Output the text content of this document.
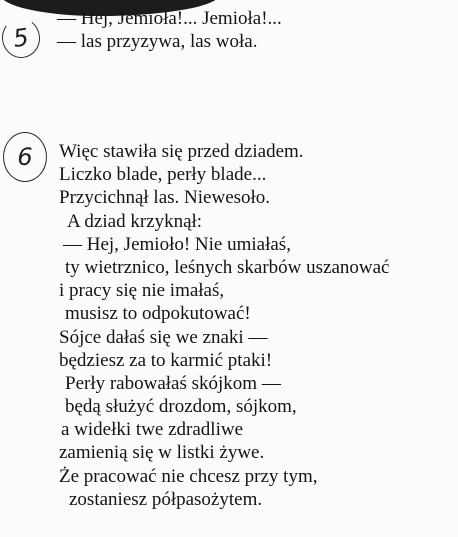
5
— Hej, Jemioła!... Jemioła!...
— las przyzywa, las woła.
6	Więc stawiła się przed dziadem.
Liczko blade, perły blade...
Przycichnął las. Niewesoło.
A dziad krzyknął:
— Hej, Jemioło! Nie umiałaś,
ty wietrznico, leśnych skarbów uszanować
i pracy się nie imałaś,
musisz to odpokutować!
Sójce dałaś się we znaki —
będziesz za to karmić ptaki!
Perły rabowałaś skójkom —
będą służyć drozdom, sójkom,
a widełki twe zdradliwe
zamienią się w listki żywe.
Że pracować nie chcesz przy tym,
zostaniesz półpasożytem.
